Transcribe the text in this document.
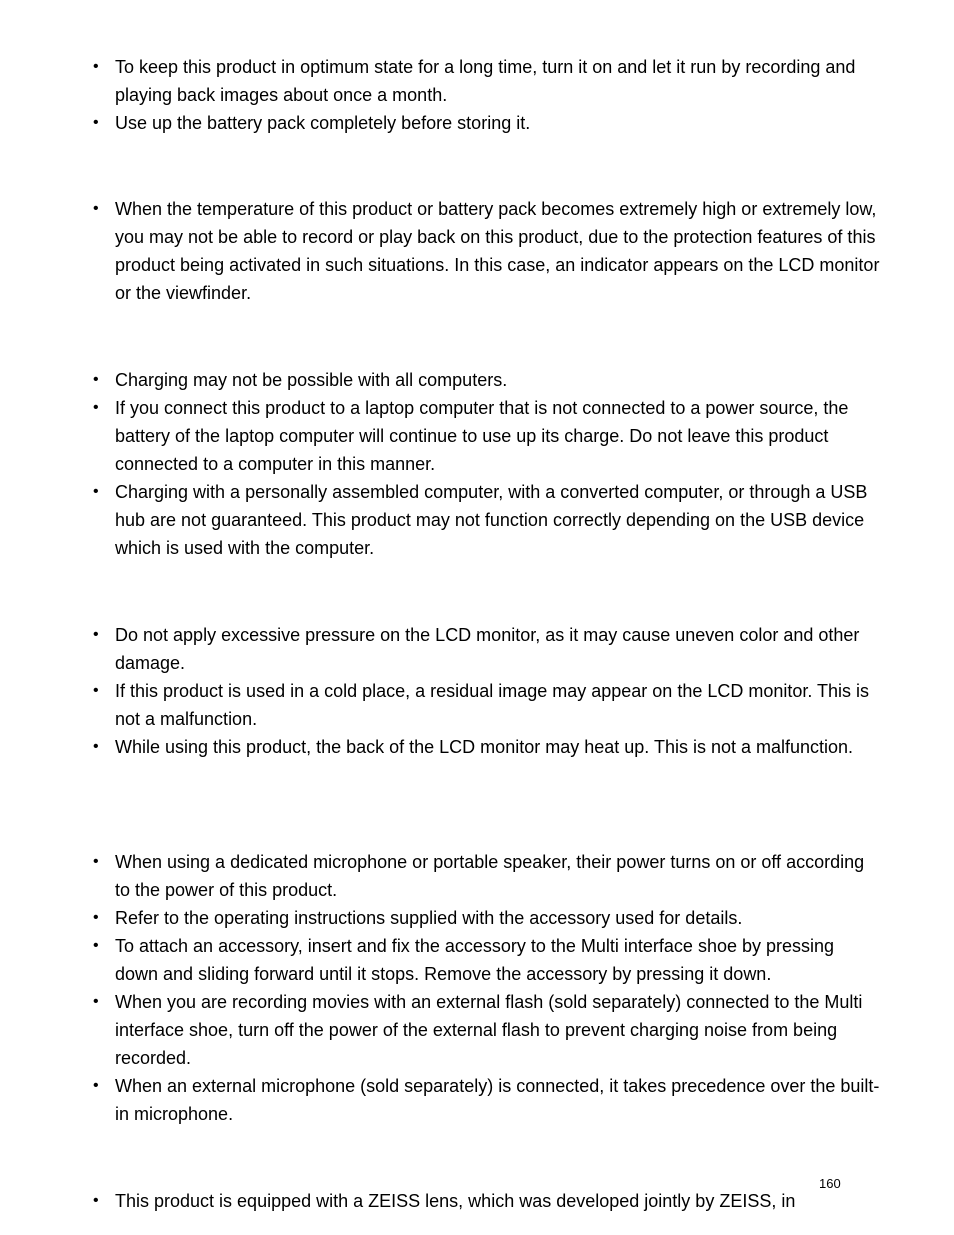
• To keep this product in optimum state for a long time, turn it on and let it run by recording and playing back images about once a month.
• Use up the battery pack completely before storing it.
• When the temperature of this product or battery pack becomes extremely high or extremely low, you may not be able to record or play back on this product, due to the protection features of this product being activated in such situations. In this case, an indicator appears on the LCD monitor or the viewfinder.
• Charging may not be possible with all computers.
• If you connect this product to a laptop computer that is not connected to a power source, the battery of the laptop computer will continue to use up its charge. Do not leave this product connected to a computer in this manner.
• Charging with a personally assembled computer, with a converted computer, or through a USB hub are not guaranteed. This product may not function correctly depending on the USB device which is used with the computer.
• Do not apply excessive pressure on the LCD monitor, as it may cause uneven color and other damage.
• If this product is used in a cold place, a residual image may appear on the LCD monitor. This is not a malfunction.
• While using this product, the back of the LCD monitor may heat up. This is not a malfunction.
• When using a dedicated microphone or portable speaker, their power turns on or off according to the power of this product.
• Refer to the operating instructions supplied with the accessory used for details.
• To attach an accessory, insert and fix the accessory to the Multi interface shoe by pressing down and sliding forward until it stops. Remove the accessory by pressing it down.
• When you are recording movies with an external flash (sold separately) connected to the Multi interface shoe, turn off the power of the external flash to prevent charging noise from being recorded.
• When an external microphone (sold separately) is connected, it takes precedence over the built-in microphone.
160
• This product is equipped with a ZEISS lens, which was developed jointly by ZEISS, in
